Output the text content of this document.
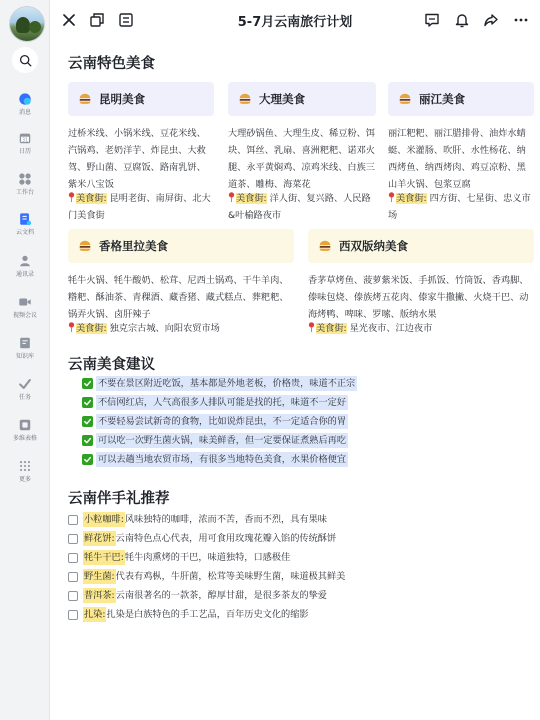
消息
31
日历
工作台
云文档
通讯录
视频会议
知识库
任务
多维表格
更多
5-7月云南旅行计划
云南特色美食
昆明美食	大理美食	丽江美食
过桥米线、小锅米线、豆花米线、汽锅鸡、老奶洋芋、炸昆虫、大救驾、野山菌、豆腐饭、路南乳饼、紫米八宝饭
大理砂锅鱼、大理生皮、稀豆粉、饵块、饵丝、乳扇、喜洲粑粑、诺邓火腿、永平黄焖鸡、凉鸡米线、白族三道茶、雕梅、海菜花
丽江粑粑、丽江腊排骨、油炸水蜻蜓、米灌肠、吹肝、水性杨花、纳西烤鱼、纳西烤肉、鸡豆凉粉、黑山羊火锅、包浆豆腐
美食街: 昆明老街、南屏街、北大门美食街
美食街: 洋人街、复兴路、人民路&叶榆路夜市
美食街: 四方街、七星街、忠义市场
香格里拉美食	西双版纳美食
牦牛火锅、牦牛酸奶、松茸、尼西土锅鸡、干牛羊肉、糌粑、酥油茶、青稞酒、藏香猪、藏式糕点、葬粑粑、锅弄火锅、卤肝辣子
香茅草烤鱼、菠萝紫米饭、手抓饭、竹筒饭、香鸡脚、傣味包烧、傣族烤五花肉、傣家牛撒撇、火烧干巴、动海烤鸭、啤咪、罗嗦、版纳水果
美食街: 独克宗古城、向阳农贸市场	美食街: 星光夜市、江边夜市
云南美食建议
不要在景区附近吃饭，基本都是外地老板，价格贵，味道不正宗
不信网红店，人气高很多人排队可能是找的托，味道不一定好
不要轻易尝试新奇的食物，比如说炸昆虫，不一定适合你的胃
可以吃一次野生菌火锅，味美鲜香，但一定要保证煮熟后再吃
可以去趟当地农贸市场，有很多当地特色美食，水果价格便宜
云南伴手礼推荐
小粒咖啡: 风味独特的咖啡，浓而不苦，香而不烈，具有果味
鲜花饼: 云南特色点心代表，用可食用玫瑰花瓣入馅的传统酥饼
牦牛干巴: 牦牛肉熏烤的干巴，味道独特，口感极佳
野生菌: 代表有鸡枞，牛肝菌，松茸等美味野生菌，味道极其鲜美
普洱茶: 云南很著名的一款茶，醇厚甘甜，是很多茶友的挚爱
扎染: 扎染是白族特色的手工艺品，百年历史文化的缩影
